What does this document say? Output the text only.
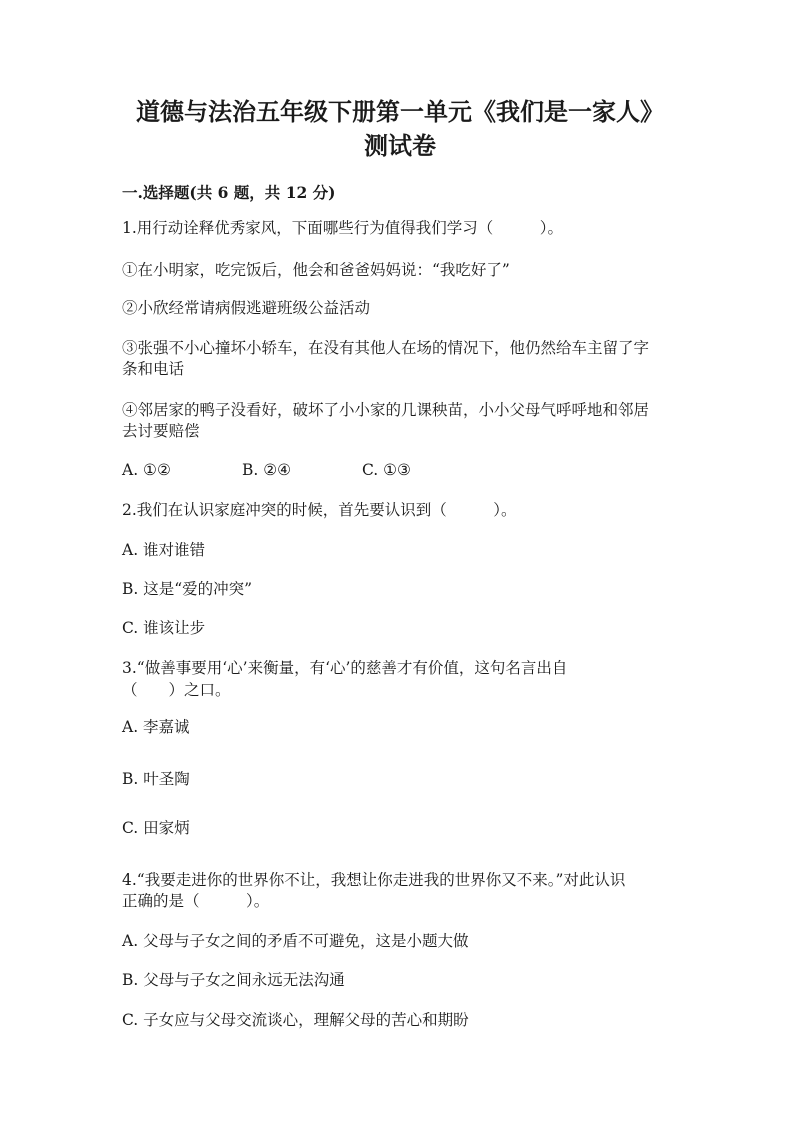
道德与法治五年级下册第一单元《我们是一家人》
测试卷
一.选择题(共 6 题，共 12 分)
1.用行动诠释优秀家风，下面哪些行为值得我们学习（　　　）。
①在小明家，吃完饭后，他会和爸爸妈妈说：“我吃好了”
②小欣经常请病假逃避班级公益活动
③张强不小心撞坏小轿车，在没有其他人在场的情况下，他仍然给车主留了字
条和电话
④邻居家的鸭子没看好，破坏了小小家的几课秧苗，小小父母气呼呼地和邻居
去讨要赔偿
A. ①②	B. ②④	C. ①③
2.我们在认识家庭冲突的时候，首先要认识到（　　　）。
A. 谁对谁错
B. 这是“爱的冲突”
C. 谁该让步
3.“做善事要用‘心’来衡量，有‘心’的慈善才有价值，这句名言出自
（　　）之口。
A. 李嘉诚
B. 叶圣陶
C. 田家炳
4.“我要走进你的世界你不让，我想让你走进我的世界你又不来。”对此认识
正确的是（　　　）。
A. 父母与子女之间的矛盾不可避免，这是小题大做
B. 父母与子女之间永远无法沟通
C. 子女应与父母交流谈心，理解父母的苦心和期盼
